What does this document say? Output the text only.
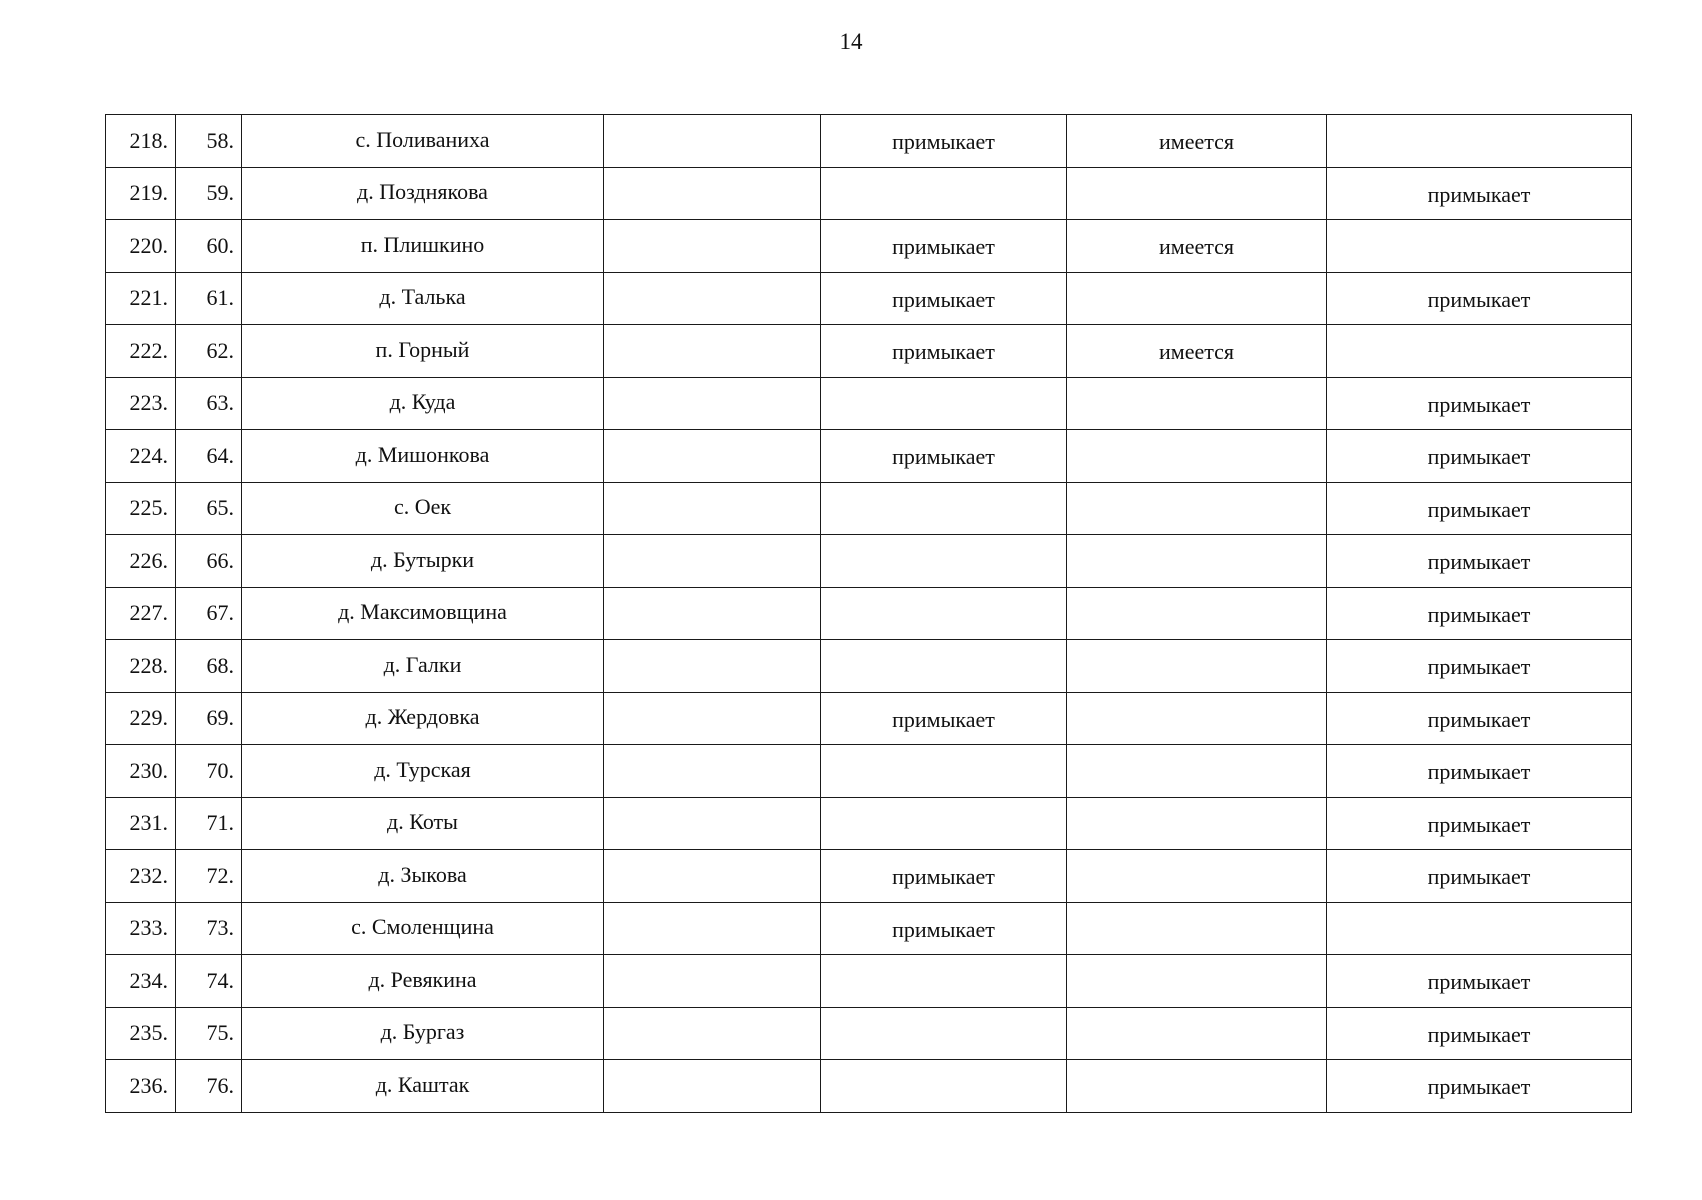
14
218.	58.	с. Поливаниха		примыкает	имеется	
219.	59.	д. Позднякова				примыкает
220.	60.	п. Плишкино		примыкает	имеется	
221.	61.	д. Талька		примыкает		примыкает
222.	62.	п. Горный		примыкает	имеется	
223.	63.	д. Куда				примыкает
224.	64.	д. Мишонкова		примыкает		примыкает
225.	65.	с. Оек				примыкает
226.	66.	д. Бутырки				примыкает
227.	67.	д. Максимовщина				примыкает
228.	68.	д. Галки				примыкает
229.	69.	д. Жердовка		примыкает		примыкает
230.	70.	д. Турская				примыкает
231.	71.	д. Коты				примыкает
232.	72.	д. Зыкова		примыкает		примыкает
233.	73.	с. Смоленщина		примыкает		
234.	74.	д. Ревякина				примыкает
235.	75.	д. Бургаз				примыкает
236.	76.	д. Каштак				примыкает
